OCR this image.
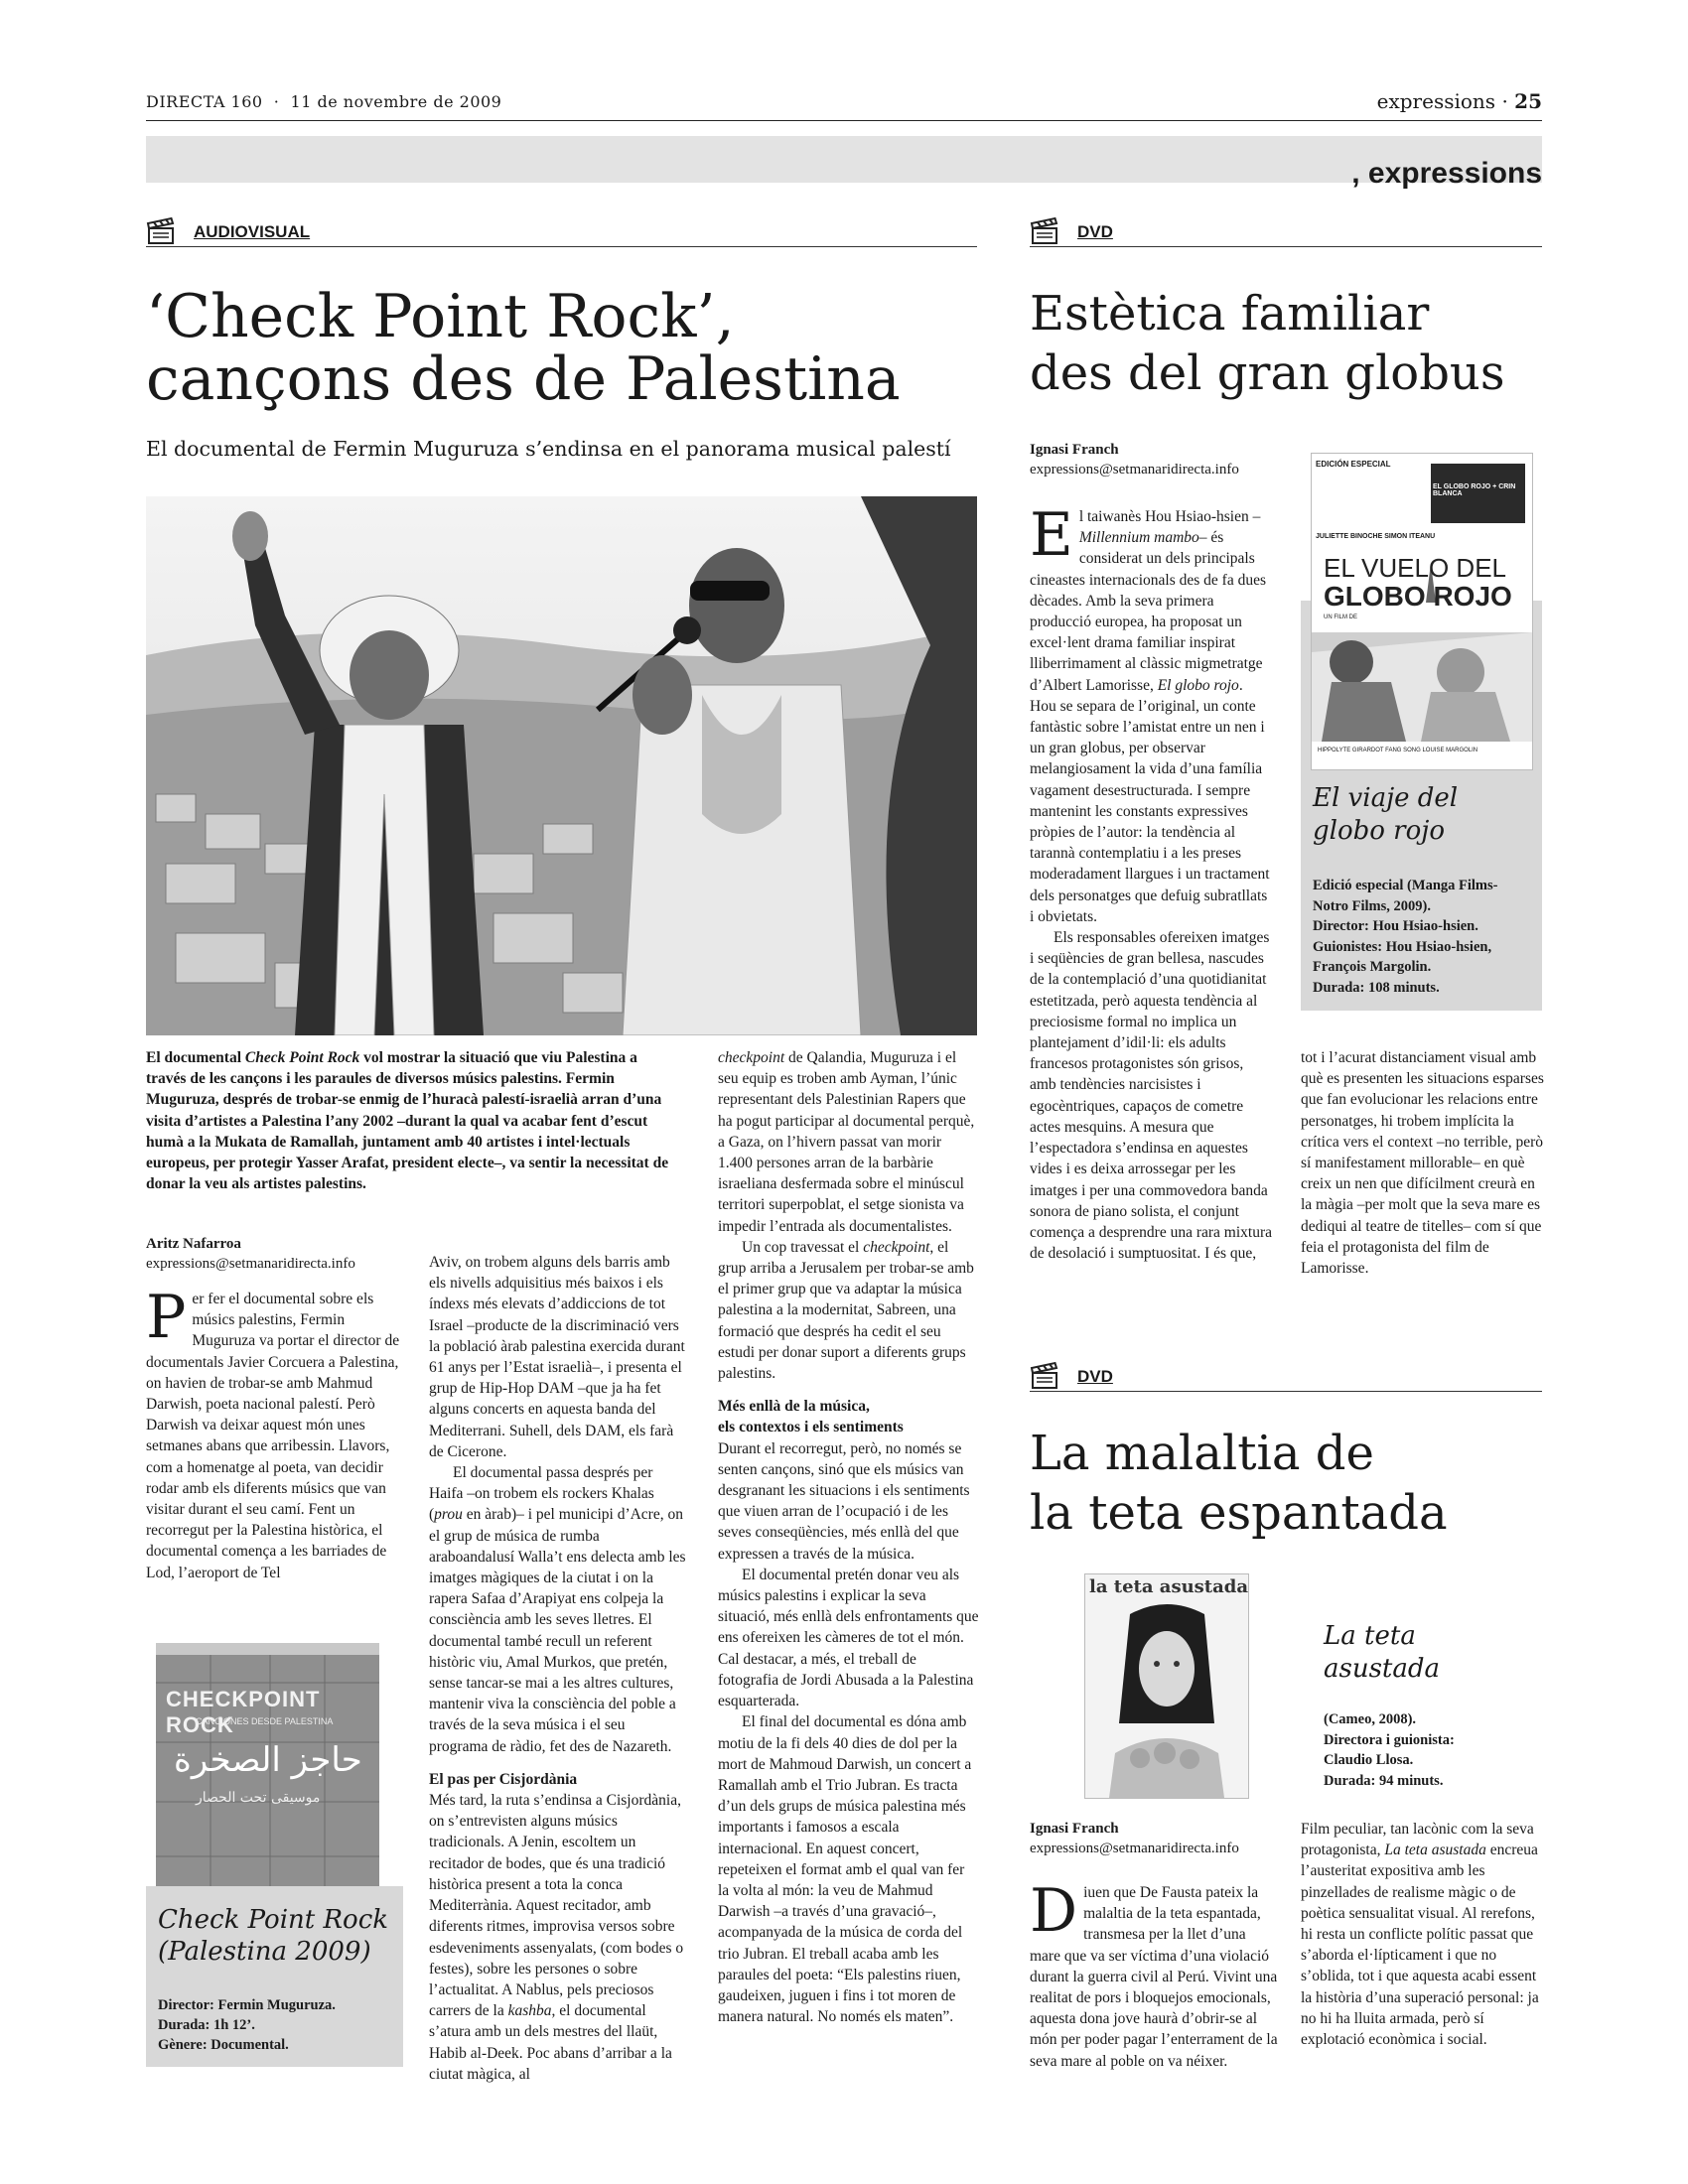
DIRECTA 160 · 11 de novembre de 2009	expressions · 25
, expressions
AUDIOVISUAL
‘Check Point Rock’,
cançons des de Palestina
El documental de Fermin Muguruza s’endinsa en el panorama musical palestí
El documental Check Point Rock vol mostrar la situació que viu Palestina a través de les cançons i les paraules de diversos músics palestins. Fermin Muguruza, després de trobar-se enmig de l’huracà palestí-israelià arran d’una visita d’artistes a Palestina l’any 2002 –durant la qual va acabar fent d’escut humà a la Mukata de Ramallah, juntament amb 40 artistes i intel·lectuals europeus, per protegir Yasser Arafat, president electe–, va sentir la necessitat de donar la veu als artistes palestins.
Aritz Nafarroa
expressions@setmanaridirecta.info

Per fer el documental sobre els músics palestins, Fermin Muguruza va portar el director de documentals Javier Corcuera a Palestina, on havien de trobar-se amb Mahmud Darwish, poeta nacional palestí. Però Darwish va deixar aquest món unes setmanes abans que arribessin. Llavors, com a homenatge al poeta, van decidir rodar amb els diferents músics que van visitar durant el seu camí. Fent un recorregut per la Palestina històrica, el documental comença a les barriades de Lod, l’aeroport de Tel

CHECKPOINT ROCK
CANCIONES DESDE PALESTINA
حاجز الصخرة
موسيقى تحت الحصار
Check Point Rock
(Palestina 2009)
Director: Fermin Muguruza.
Durada: 1h 12’.
Gènere: Documental.

Aviv, on trobem alguns dels barris amb els nivells adquisitius més baixos i els índexs més elevats d’addiccions de tot Israel –producte de la discriminació vers la població àrab palestina exercida durant 61 anys per l’Estat israelià–, i presenta el grup de Hip-Hop DAM –que ja ha fet alguns concerts en aquesta banda del Mediterrani. Suhell, dels DAM, els farà de Cicerone.

El documental passa després per Haifa –on trobem els rockers Khalas (prou en àrab)– i pel municipi d’Acre, on el grup de música de rumba araboandalusí Walla’t ens delecta amb les imatges màgiques de la ciutat i on la rapera Safaa d’Arapiyat ens colpeja la consciència amb les seves lletres. El documental també recull un referent històric viu, Amal Murkos, que pretén, sense tancar-se mai a les altres cultures, mantenir viva la consciència del poble a través de la seva música i el seu programa de ràdio, fet des de Nazareth.

El pas per Cisjordània

Més tard, la ruta s’endinsa a Cisjordània, on s’entrevisten alguns músics tradicionals. A Jenin, escoltem un recitador de bodes, que és una tradició històrica present a tota la conca Mediterrània. Aquest recitador, amb diferents ritmes, improvisa versos sobre esdeveniments assenyalats, (com bodes o festes), sobre les persones o sobre l’actualitat. A Nablus, pels preciosos carrers de la kashba, el documental s’atura amb un dels mestres del llaüt, Habib al-Deek. Poc abans d’arribar a la ciutat màgica, al

checkpoint de Qalandia, Muguruza i el seu equip es troben amb Ayman, l’únic representant dels Palestinian Rapers que ha pogut participar al documental perquè, a Gaza, on l’hivern passat van morir 1.400 persones arran de la barbàrie israeliana desfermada sobre el minúscul territori superpoblat, el setge sionista va impedir l’entrada als documentalistes.

Un cop travessat el checkpoint, el grup arriba a Jerusalem per trobar-se amb el primer grup que va adaptar la música palestina a la modernitat, Sabreen, una formació que després ha cedit el seu estudi per donar suport a diferents grups palestins.

Més enllà de la música,
els contextos i els sentiments

Durant el recorregut, però, no només se senten cançons, sinó que els músics van desgranant les situacions i els sentiments que viuen arran de l’ocupació i de les seves conseqüències, més enllà del que expressen a través de la música.

El documental pretén donar veu als músics palestins i explicar la seva situació, més enllà dels enfrontaments que ens ofereixen les càmeres de tot el món. Cal destacar, a més, el treball de fotografia de Jordi Abusada a la Palestina esquarterada.

El final del documental es dóna amb motiu de la fi dels 40 dies de dol per la mort de Mahmoud Darwish, un concert a Ramallah amb el Trio Jubran. Es tracta d’un dels grups de música palestina més importants i famosos a escala internacional. En aquest concert, repeteixen el format amb el qual van fer la volta al món: la veu de Mahmud Darwish –a través d’una gravació–, acompanyada de la música de corda del trio Jubran. El treball acaba amb les paraules del poeta: “Els palestins riuen, gaudeixen, juguen i fins i tot moren de manera natural. No només els maten”.

DVD
Estètica familiar
des del gran globus
Ignasi Franch
expressions@setmanaridirecta.info

El taiwanès Hou Hsiao-hsien –Millennium mambo– és considerat un dels principals cineastes internacionals des de fa dues dècades. Amb la seva primera producció europea, ha proposat un excel·lent drama familiar inspirat lliberrimament al clàssic migmetratge d’Albert Lamorisse, El globo rojo. Hou se separa de l’original, un conte fantàstic sobre l’amistat entre un nen i un gran globus, per observar melangiosament la vida d’una família vagament desestructurada. I sempre mantenint les constants expressives pròpies de l’autor: la tendència al tarannà contemplatiu i a les preses moderadament llargues i un tractament dels personatges que defuig subratllats i obvietats.

Els responsables ofereixen imatges i seqüències de gran bellesa, nascudes de la contemplació d’una quotidianitat estetitzada, però aquesta tendència al preciosisme formal no implica un plantejament d’idil·li: els adults francesos protagonistes són grisos, amb tendències narcisistes i egocèntriques, capaços de cometre actes mesquins. A mesura que l’espectadora s’endinsa en aquestes vides i es deixa arrossegar per les imatges i per una commovedora banda sonora de piano solista, el conjunt comença a desprendre una rara mixtura de desolació i sumptuositat. I és que,

EDICIÓN ESPECIAL
EL GLOBO ROJO + CRIN BLANCA
JULIETTE BINOCHE SIMON ITEANU
EL VUELO DEL
GLOBO ROJO
UN FILM DE
HIPPOLYTE GIRARDOT FANG SONG LOUISE MARGOLIN
El viaje del
globo rojo
Edició especial (Manga Films-
Notro Films, 2009).
Director: Hou Hsiao-hsien.
Guionistes: Hou Hsiao-hsien,
François Margolin.
Durada: 108 minuts.

tot i l’acurat distanciament visual amb què es presenten les situacions esparses que fan evolucionar les relacions entre personatges, hi trobem implícita la crítica vers el context –no terrible, però sí manifestament millorable– en què creix un nen que difícilment creurà en la màgia –per molt que la seva mare es dediqui al teatre de titelles– com sí que feia el protagonista del film de Lamorisse.

DVD
La malaltia de
la teta espantada
la teta asustada
La teta
asustada
(Cameo, 2008).
Directora i guionista:
Claudio Llosa.
Durada: 94 minuts.
Ignasi Franch
expressions@setmanaridirecta.info

Diuen que De Fausta pateix la malaltia de la teta espantada, transmesa per la llet d’una mare que va ser víctima d’una violació durant la guerra civil al Perú. Vivint una realitat de pors i bloquejos emocionals, aquesta dona jove haurà d’obrir-se al món per poder pagar l’enterrament de la seva mare al poble on va néixer.

Film peculiar, tan lacònic com la seva protagonista, La teta asustada encreua l’austeritat expositiva amb les pinzellades de realisme màgic o de poètica sensualitat visual. Al rerefons, hi resta un conflicte polític passat que s’aborda el·lípticament i que no s’oblida, tot i que aquesta acabi essent la història d’una superació personal: ja no hi ha lluita armada, però sí explotació econòmica i social.
